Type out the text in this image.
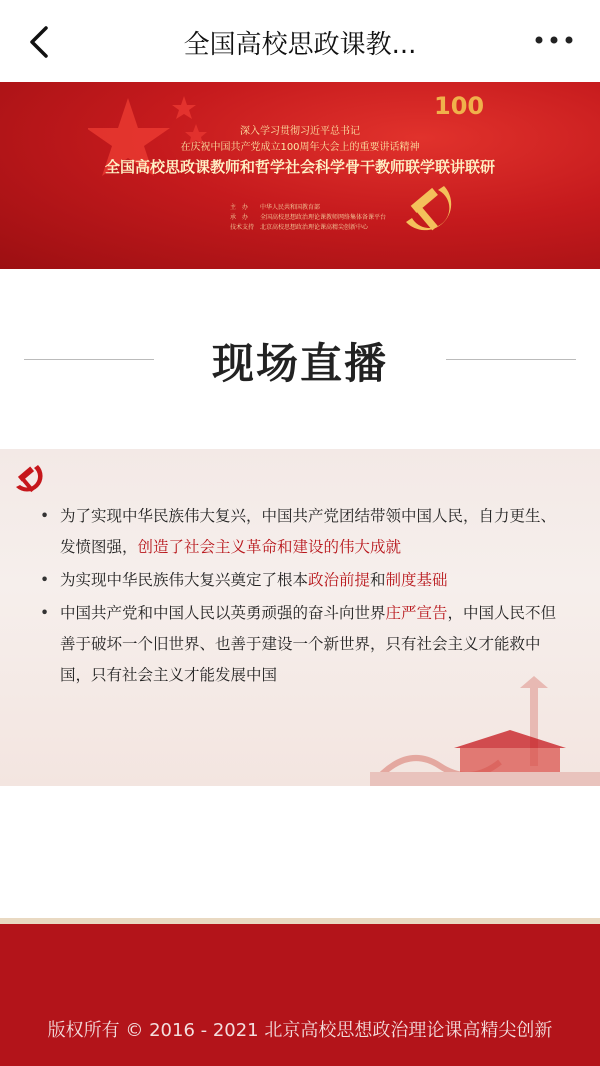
全国高校思政课教...
100
深入学习贯彻习近平总书记
在庆祝中国共产党成立100周年大会上的重要讲话精神
全国高校思政课教师和哲学社会科学骨干教师联学联讲联研
主　办　　中华人民共和国教育部
承　办　　全国高校思想政治理论课教师网络集体备课平台
技术支持　北京高校思想政治理论课高精尖创新中心
现场直播
• 为了实现中华民族伟大复兴，中国共产党团结带领中国人民，自力更生、发愤图强，创造了社会主义革命和建设的伟大成就
• 为实现中华民族伟大复兴奠定了根本政治前提和制度基础
• 中国共产党和中国人民以英勇顽强的奋斗向世界庄严宣告，中国人民不但善于破坏一个旧世界、也善于建设一个新世界，只有社会主义才能救中国，只有社会主义才能发展中国
版权所有 © 2016 - 2021 北京高校思想政治理论课高精尖创新
